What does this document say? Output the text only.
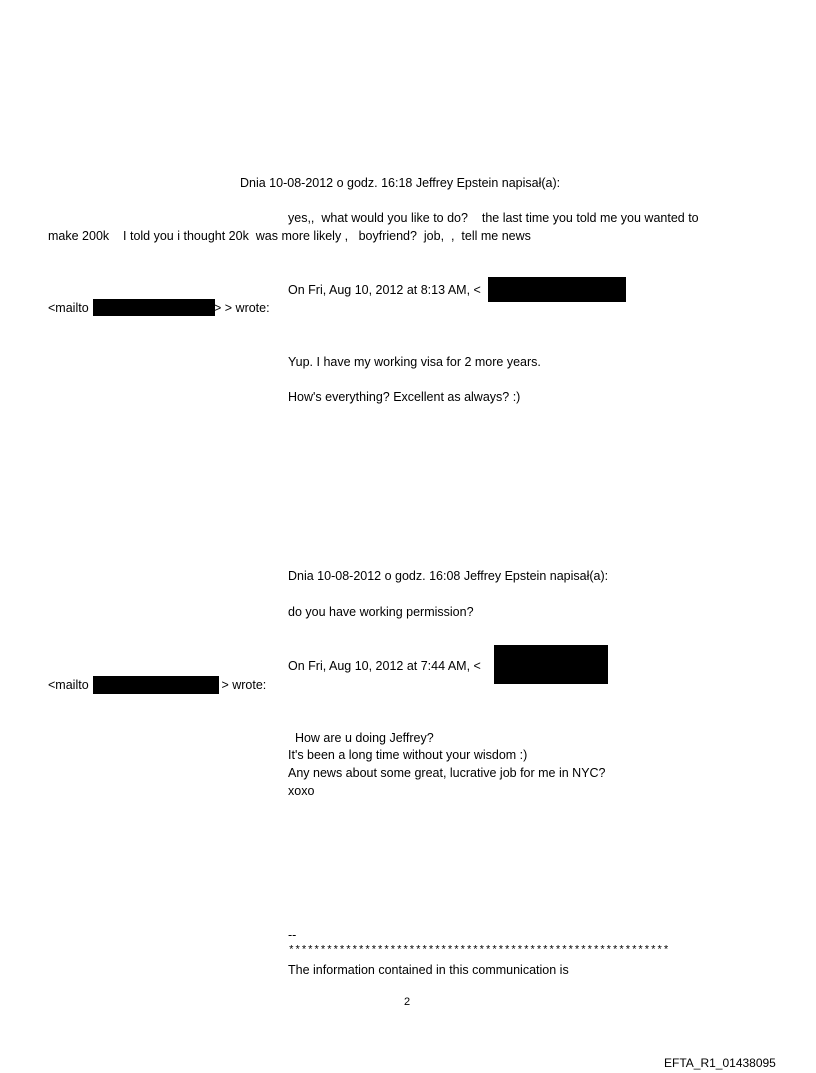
Dnia 10-08-2012 o godz. 16:18 Jeffrey Epstein napisał(a):
yes,,  what would you like to do?    the last time you told me you wanted to
make 200k    I told you i thought 20k  was more likely ,   boyfriend?  job,  ,  tell me news
On Fri, Aug 10, 2012 at 8:13 AM, <
<mailto	> > wrote:
Yup. I have my working visa for 2 more years.
How's everything? Excellent as always? :)
Dnia 10-08-2012 o godz. 16:08 Jeffrey Epstein napisał(a):
do you have working permission?
On Fri, Aug 10, 2012 at 7:44 AM, <
<mailto	> wrote:
How are u doing Jeffrey?
It's been a long time without your wisdom :)
Any news about some great, lucrative job for me in NYC?
xoxo
--
************************************************************
The information contained in this communication is
2
EFTA_R1_01438095
